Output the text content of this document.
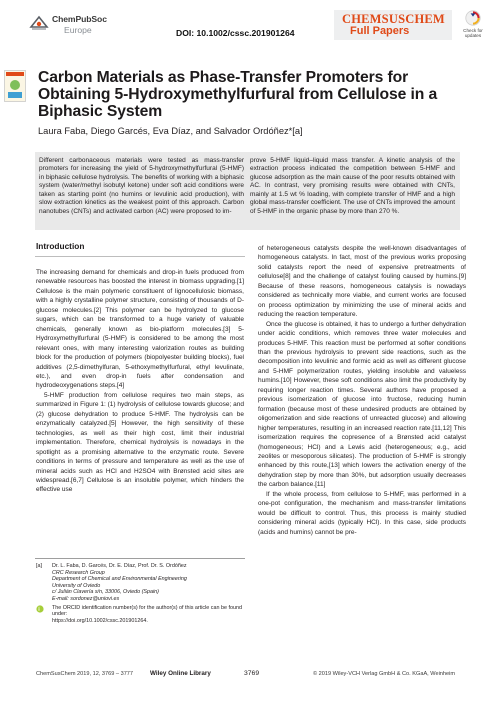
ChemPubSoc
Europe	DOI: 10.1002/cssc.201901264
CHEMSUSCHEM
Full Papers	Check for updates
Carbon Materials as Phase-Transfer Promoters for Obtaining 5-Hydroxymethylfurfural from Cellulose in a Biphasic System
Laura Faba, Diego Garcés, Eva Díaz, and Salvador Ordóñez*[a]
Different carbonaceous materials were tested as mass-transfer promoters for increasing the yield of 5-hydroxymethylfurfural (5-HMF) in biphasic cellulose hydrolysis. The benefits of working with a biphasic system (water/methyl isobutyl ketone) under soft acid conditions were taken as starting point (no humins or levulinic acid production), with slow extraction kinetics as the weakest point of this approach. Carbon nanotubes (CNTs) and activated carbon (AC) were proposed to im-
prove 5-HMF liquid–liquid mass transfer. A kinetic analysis of the extraction process indicated the competition between 5-HMF and glucose adsorption as the main cause of the poor results obtained with AC. In contrast, very promising results were obtained with CNTs, mainly at 1.5 wt % loading, with complete transfer of HMF and a high global mass-transfer coefficient. The use of CNTs improved the amount of 5-HMF in the organic phase by more than 270 %.
Introduction

The increasing demand for chemicals and drop-in fuels produced from renewable resources has boosted the interest in biomass upgrading.[1] Cellulose is the main polymeric constituent of lignocellulosic biomass, with a highly crystalline polymer structure, consisting of thousands of D-glucose molecules.[2] This polymer can be hydrolyzed to glucose sugars, which can be transformed to a huge variety of valuable chemicals, generally known as bio-platform molecules.[3] 5-Hydroxymethylfurfural (5-HMF) is considered to be among the most relevant ones, with many interesting valorization routes as building block for the production of polymers (biopolyester building blocks), fuel additives (2,5-dimethylfuran, 5-ethoxymethylfurfural, ethyl levulinate, etc.), and even drop-in fuels after condensation and hydrodeoxygenations steps.[4]

5-HMF production from cellulose requires two main steps, as summarized in Figure 1: (1) hydrolysis of cellulose towards glucose; and (2) glucose dehydration to produce 5-HMF. The hydrolysis can be enzymatically catalyzed.[5] However, the high sensitivity of these technologies, as well as their high cost, limit their industrial implementation. Therefore, chemical hydrolysis is nowadays in the spotlight as a promising alternative to the enzymatic route. Severe conditions in terms of pressure and temperature as well as the use of mineral acids such as HCl and H2SO4 with Brønsted acid sites are widespread.[6,7] Cellulose is an insoluble polymer, which hinders the effective use

of heterogeneous catalysts despite the well-known disadvantages of homogeneous catalysts. In fact, most of the previous works proposing solid catalysts report the need of expensive pretreatments of cellulose[8] and the challenge of catalyst fouling caused by humins.[9] Because of these reasons, homogeneous catalysis is nowadays considered as technically more viable, and current works are focused on process optimization by minimizing the use of mineral acids and reducing the reaction temperature.

Once the glucose is obtained, it has to undergo a further dehydration under acidic conditions, which removes three water molecules and produces 5-HMF. This reaction must be performed at softer conditions than the previous hydrolysis to prevent side reactions, such as the decomposition into levulinic and formic acid as well as different glucose and 5-HMF polymerization routes, yielding insoluble and valueless humins.[10] However, these soft conditions also limit the productivity by requiring longer reaction times. Several authors have proposed a previous isomerization of glucose into fructose, reducing humin formation (because most of these undesired products are obtained by oligomerization and side reactions of unreacted glucose) and allowing higher temperatures, resulting in an increased reaction rate.[11,12] This isomerization requires the copresence of a Brønsted acid catalyst (homogeneous; HCl) and a Lewis acid (heterogeneous; e.g., acid zeolites or mesoporous silicates). The production of 5-HMF is strongly enhanced by this route,[13] which lowers the activation energy of the dehydration step by more than 30%, but adsorption usually decreases the carbon balance.[11]

If the whole process, from cellulose to 5-HMF, was performed in a one-pot configuration, the mechanism and mass-transfer limitations would be difficult to control. Thus, this process is mainly studied considering mineral acids (typically HCl). In this case, side products (acids and humins) cannot be pre-

[a] Dr. L. Faba, D. Garcés, Dr. E. Díaz, Prof. Dr. S. Ordóñez
CRC Research Group
Department of Chemical and Environmental Engineering
University of Oviedo
c/ Julián Clavería s/n, 33006, Oviedo (Spain)
E-mail: sordonez@uniovi.es
The ORCID identification number(s) for the author(s) of this article can be found under:
https://doi.org/10.1002/cssc.201901264.
ChemSusChem 2019, 12, 3769 – 3777	Wiley Online Library	3769	© 2019 Wiley-VCH Verlag GmbH & Co. KGaA, Weinheim
